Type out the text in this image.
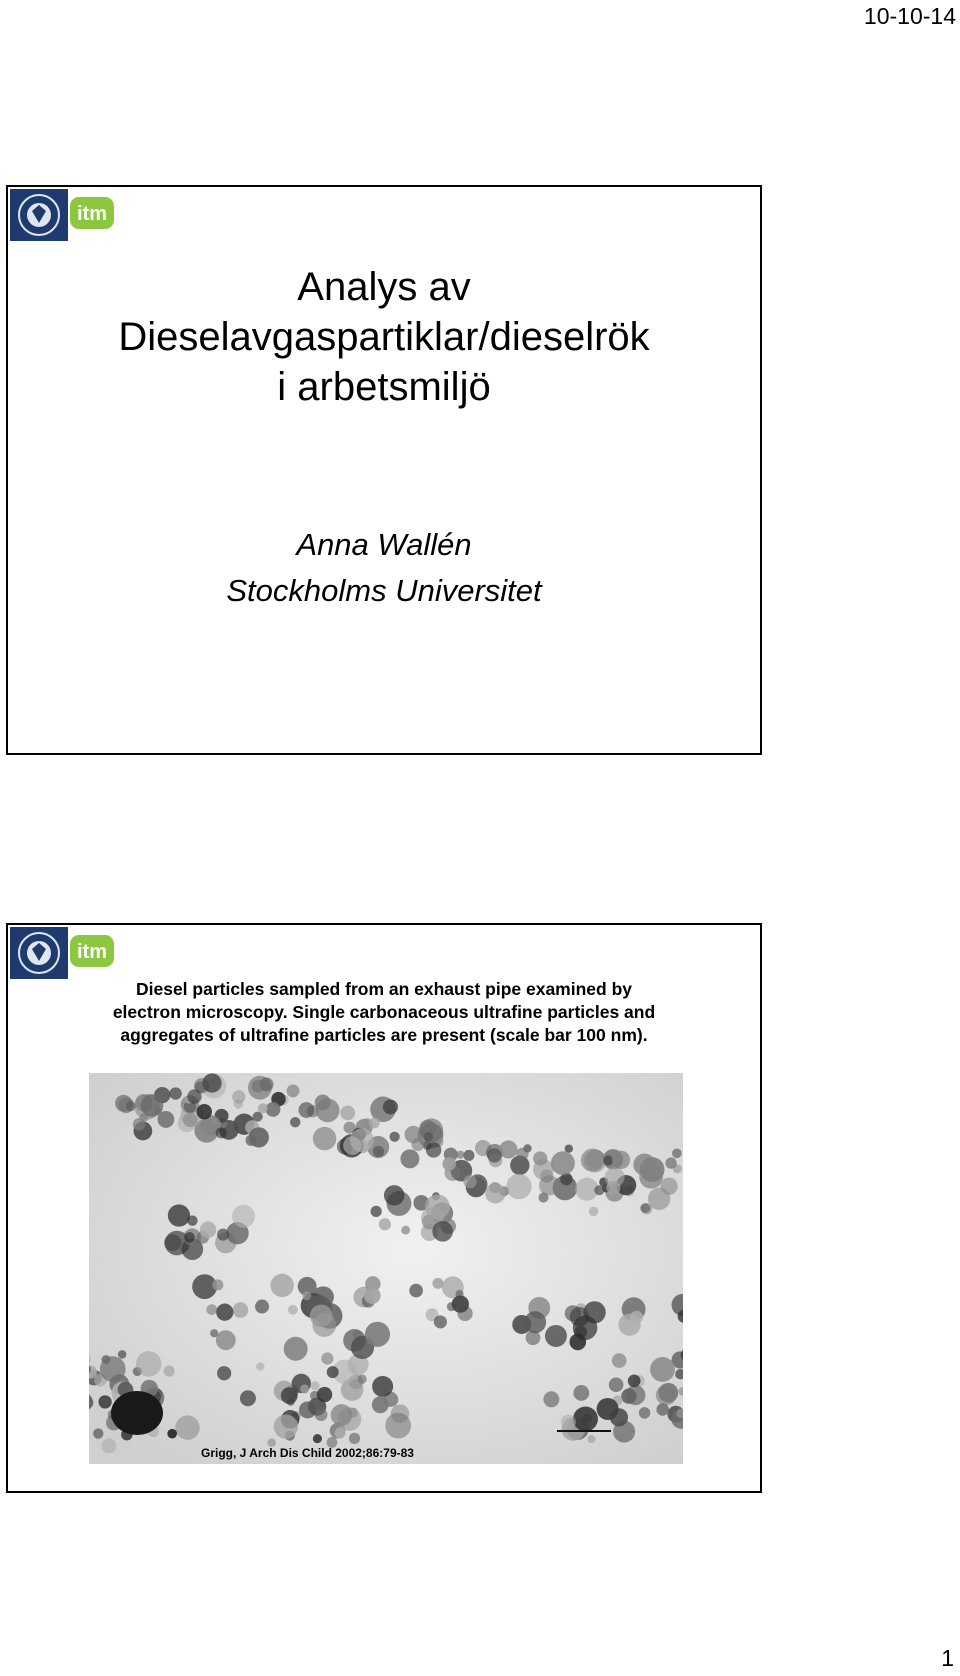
10-10-14
itm
Analys av
Dieselavgaspartiklar/dieselrök
i arbetsmiljö
Anna Wallén
Stockholms Universitet
itm
Diesel particles sampled from an exhaust pipe examined by
electron microscopy. Single carbonaceous ultrafine particles and
aggregates of ultrafine particles are present (scale bar 100 nm).
Grigg, J Arch Dis Child 2002;86:79-83
1
